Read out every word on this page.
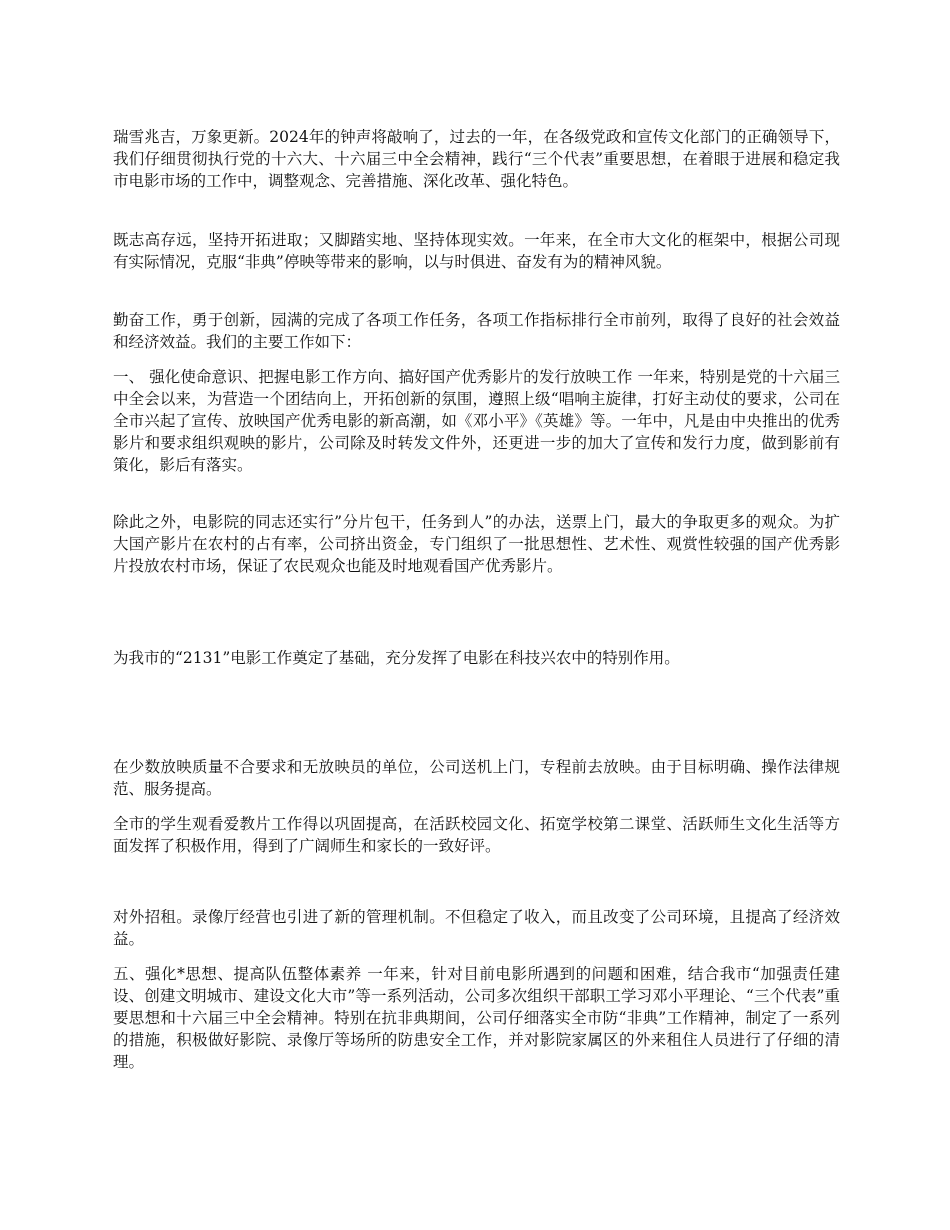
瑞雪兆吉，万象更新。2024年的钟声将敲响了，过去的一年，在各级党政和宣传文化部门的正确领导下，我们仔细贯彻执行党的十六大、十六届三中全会精神，践行“三个代表”重要思想，在着眼于进展和稳定我市电影市场的工作中，调整观念、完善措施、深化改革、强化特色。

既志高存远，坚持开拓进取；又脚踏实地、坚持体现实效。一年来，在全市大文化的框架中，根据公司现有实际情况，克服“非典”停映等带来的影响，以与时俱进、奋发有为的精神风貌。

勤奋工作，勇于创新，园满的完成了各项工作任务，各项工作指标排行全市前列，取得了良好的社会效益和经济效益。我们的主要工作如下：

一、 强化使命意识、把握电影工作方向、搞好国产优秀影片的发行放映工作 一年来，特别是党的十六届三中全会以来，为营造一个团结向上，开拓创新的氛围，遵照上级“唱响主旋律，打好主动仗的要求，公司在全市兴起了宣传、放映国产优秀电影的新高潮，如《邓小平》《英雄》等。一年中，凡是由中央推出的优秀影片和要求组织观映的影片，公司除及时转发文件外，还更进一步的加大了宣传和发行力度，做到影前有策化，影后有落实。

除此之外，电影院的同志还实行”分片包干，任务到人”的办法，送票上门，最大的争取更多的观众。为扩大国产影片在农村的占有率，公司挤出资金，专门组织了一批思想性、艺术性、观赏性较强的国产优秀影片投放农村市场，保证了农民观众也能及时地观看国产优秀影片。

为我市的“2131”电影工作奠定了基础，充分发挥了电影在科技兴农中的特别作用。

在少数放映质量不合要求和无放映员的单位，公司送机上门，专程前去放映。由于目标明确、操作法律规范、服务提高。

全市的学生观看爱教片工作得以巩固提高，在活跃校园文化、拓宽学校第二课堂、活跃师生文化生活等方面发挥了积极作用，得到了广阔师生和家长的一致好评。

对外招租。录像厅经营也引进了新的管理机制。不但稳定了收入，而且改变了公司环境，且提高了经济效益。

五、强化*思想、提高队伍整体素养 一年来，针对目前电影所遇到的问题和困难，结合我市“加强责任建设、创建文明城市、建设文化大市”等一系列活动，公司多次组织干部职工学习邓小平理论、“三个代表”重要思想和十六届三中全会精神。特别在抗非典期间，公司仔细落实全市防“非典”工作精神，制定了一系列的措施，积极做好影院、录像厅等场所的防患安全工作，并对影院家属区的外来租住人员进行了仔细的清理。
